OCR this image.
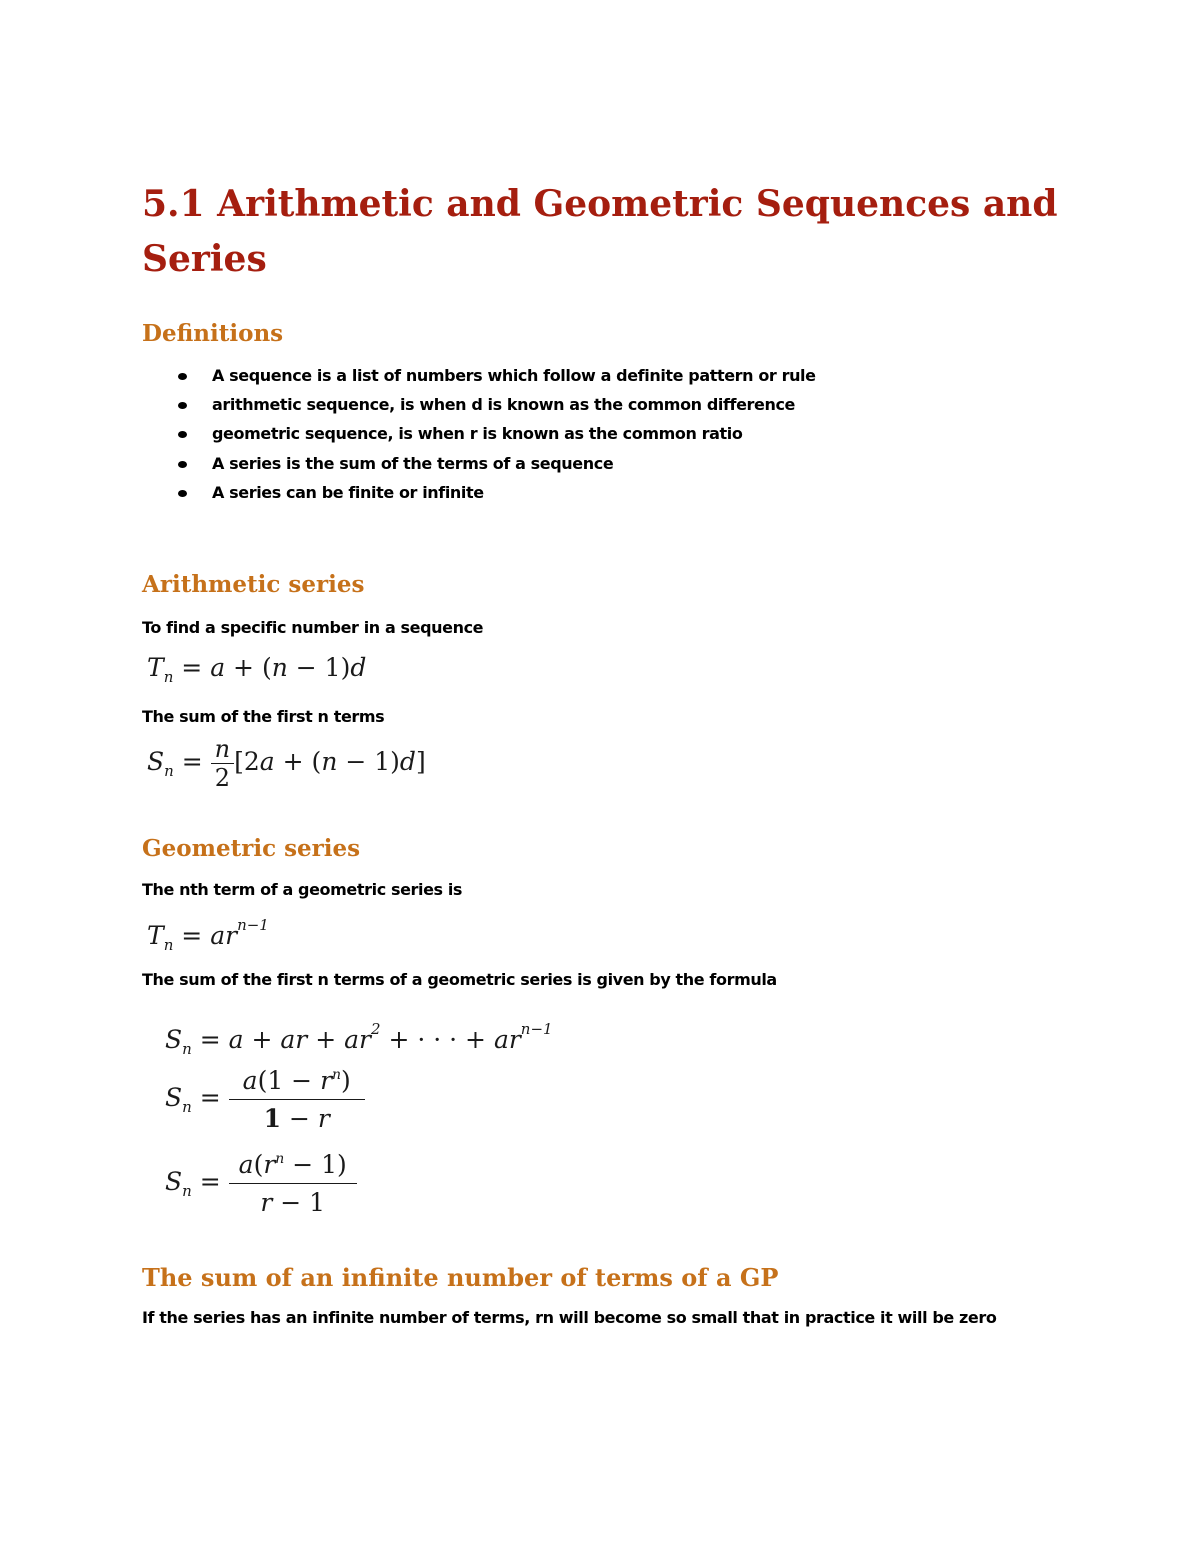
5.1 Arithmetic and Geometric Sequences and
Series
Definitions
A sequence is a list of numbers which follow a definite pattern or rule
arithmetic sequence, is when d is known as the common difference
geometric sequence, is when r is known as the common ratio
A series is the sum of the terms of a sequence
A series can be finite or infinite
Arithmetic series
To find a specific number in a sequence
$T_n = a + (n - 1)d$
The sum of the first n terms
$S_n = \frac{n}{2} [2a + (n - 1)d]$
Geometric series
The nth term of a geometric series is
$T_n = ar^{n-1}$
The sum of the first n terms of a geometric series is given by the formula
$S_n = a$ + ar + $ar^2$ + · · · + $ar^{n-1}$
$S_n = \frac{a(1 - r^n)}{1 - r}$
$S_n = \frac{a(r^n - 1)}{r - 1}$
The sum of an infinite number of terms of a GP
If the series has an infinite number of terms, rn will become so small that in practice it will be zero
